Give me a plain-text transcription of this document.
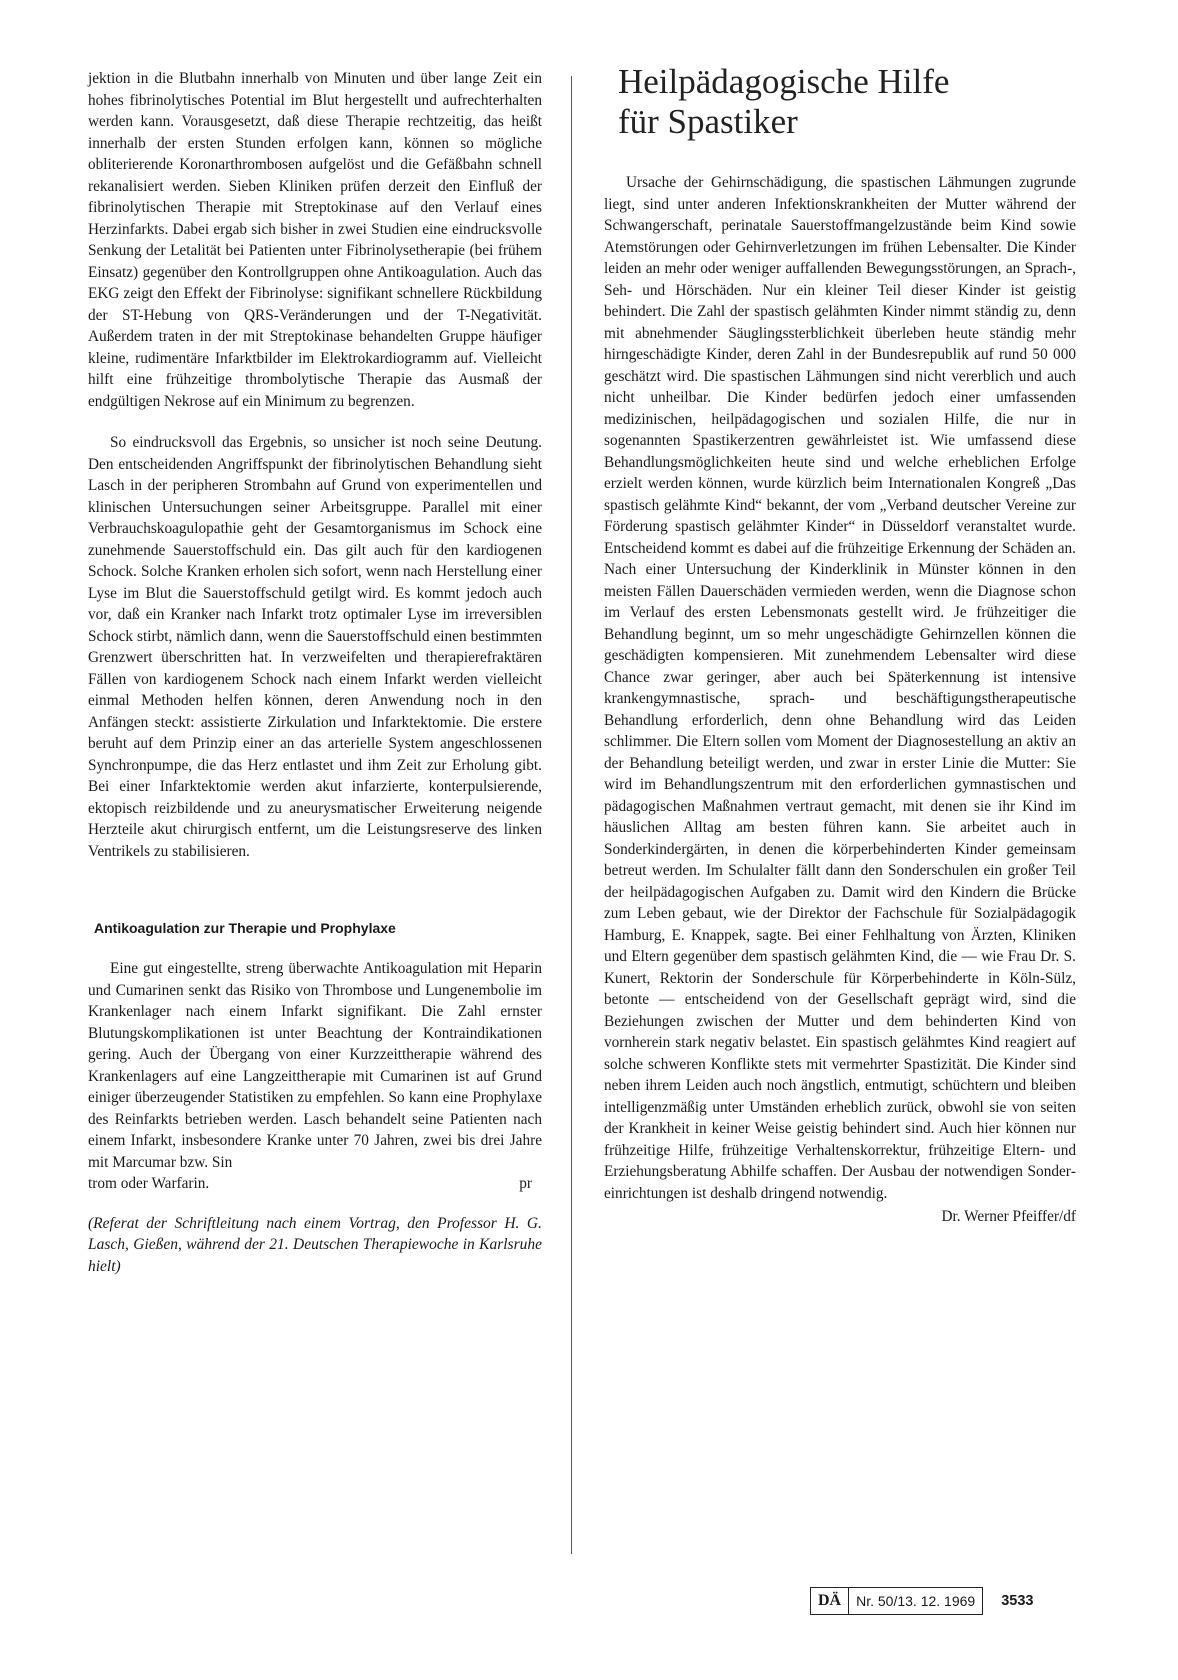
jektion in die Blutbahn innerhalb von Minuten und über lange Zeit ein hohes fibrinolytisches Potential im Blut hergestellt und aufrechterhalten werden kann. Vorausgesetzt, daß diese Therapie rechtzeitig, das heißt innerhalb der ersten Stunden erfolgen kann, können so mögliche obliterierende Koronarthrombosen aufgelöst und die Gefäßbahn schnell rekanalisiert werden. Sieben Kliniken prüfen derzeit den Einfluß der fibrinolytischen Therapie mit Streptokinase auf den Verlauf eines Herzinfarkts. Dabei ergab sich bisher in zwei Studien eine eindrucksvolle Senkung der Letalität bei Patienten unter Fibrinolysetherapie (bei frühem Einsatz) gegenüber den Kontrollgruppen ohne Antikoagulation. Auch das EKG zeigt den Effekt der Fibrinolyse: signifikant schnellere Rückbildung der ST-Hebung von QRS-Veränderungen und der T-Negativität. Außerdem traten in der mit Streptokinase behandelten Gruppe häufiger kleine, rudimentäre Infarktbilder im Elektrokardiogramm auf. Vielleicht hilft eine frühzeitige thrombolytische Therapie das Ausmaß der endgültigen Nekrose auf ein Minimum zu begrenzen.

So eindrucksvoll das Ergebnis, so unsicher ist noch seine Deutung. Den entscheidenden Angriffspunkt der fibrinolytischen Behandlung sieht Lasch in der peripheren Strombahn auf Grund von experimentellen und klinischen Untersuchungen seiner Arbeitsgruppe. Parallel mit einer Verbrauchskoagulopathie geht der Gesamtorganismus im Schock eine zunehmende Sauerstoffschuld ein. Das gilt auch für den kardiogenen Schock. Solche Kranken erholen sich sofort, wenn nach Herstellung einer Lyse im Blut die Sauerstoffschuld getilgt wird. Es kommt jedoch auch vor, daß ein Kranker nach Infarkt trotz optimaler Lyse im irreversiblen Schock stirbt, nämlich dann, wenn die Sauerstoffschuld einen bestimmten Grenzwert überschritten hat. In verzweifelten und therapierefraktären Fällen von kardiogenem Schock nach einem Infarkt werden vielleicht einmal Methoden helfen können, deren Anwendung noch in den Anfängen steckt: assistierte Zirkulation und Infarktektomie. Die erstere beruht auf dem Prinzip einer an das arterielle System angeschlossenen Synchronpumpe, die das Herz entlastet und ihm Zeit zur Erholung gibt. Bei einer Infarktektomie werden akut infarzierte, konterpulsierende, ektopisch reizbildende und zu aneurysmatischer Erweiterung neigende Herzteile akut chirurgisch entfernt, um die Leistungsreserve des linken Ventrikels zu stabilisieren.

Antikoagulation zur Therapie und Prophylaxe

Eine gut eingestellte, streng überwachte Antikoagulation mit Heparin und Cumarinen senkt das Risiko von Thrombose und Lungenembolie im Krankenlager nach einem Infarkt signifikant. Die Zahl ernster Blutungskomplikationen ist unter Beachtung der Kontraindikationen gering. Auch der Übergang von einer Kurzzeittherapie während des Krankenlagers auf eine Langzeittherapie mit Cumarinen ist auf Grund einiger überzeugender Statistiken zu empfehlen. So kann eine Prophylaxe des Reinfarkts betrieben werden. Lasch behandelt seine Patienten nach einem Infarkt, insbesondere Kranke unter 70 Jahren, zwei bis drei Jahre mit Marcumar bzw. Sin

trom oder Warfarin.	pr

(Referat der Schriftleitung nach einem Vortrag, den Professor H. G. Lasch, Gießen, während der 21. Deutschen Therapiewoche in Karlsruhe hielt)

Heilpädagogische Hilfe
für Spastiker

Ursache der Gehirnschädigung, die spastischen Lähmungen zugrunde liegt, sind unter anderen Infektionskrankheiten der Mutter während der Schwangerschaft, perinatale Sauerstoffmangelzustände beim Kind sowie Atemstörungen oder Gehirnverletzungen im frühen Lebensalter. Die Kinder leiden an mehr oder weniger auffallenden Bewegungsstörungen, an Sprach-, Seh- und Hörschäden. Nur ein kleiner Teil dieser Kinder ist geistig behindert. Die Zahl der spastisch gelähmten Kinder nimmt ständig zu, denn mit abnehmender Säuglingssterblichkeit überleben heute ständig mehr hirngeschädigte Kinder, deren Zahl in der Bundesrepublik auf rund 50 000 geschätzt wird. Die spastischen Lähmungen sind nicht vererblich und auch nicht unheilbar. Die Kinder bedürfen jedoch einer umfassenden medizinischen, heilpädagogischen und sozialen Hilfe, die nur in sogenannten Spastikerzentren gewährleistet ist. Wie umfassend diese Behandlungsmöglichkeiten heute sind und welche erheblichen Erfolge erzielt werden können, wurde kürzlich beim Internationalen Kongreß „Das spastisch gelähmte Kind“ bekannt, der vom „Verband deutscher Vereine zur Förderung spastisch gelähmter Kinder“ in Düsseldorf veranstaltet wurde. Entscheidend kommt es dabei auf die frühzeitige Erkennung der Schäden an. Nach einer Untersuchung der Kinderklinik in Münster können in den meisten Fällen Dauerschäden vermieden werden, wenn die Diagnose schon im Verlauf des ersten Lebensmonats gestellt wird. Je frühzeitiger die Behandlung beginnt, um so mehr ungeschädigte Gehirnzellen können die geschädigten kompensieren. Mit zunehmendem Lebensalter wird diese Chance zwar geringer, aber auch bei Späterkennung ist intensive krankengymnastische, sprach- und beschäftigungstherapeutische Behandlung erforderlich, denn ohne Behandlung wird das Leiden schlimmer. Die Eltern sollen vom Moment der Diagnosestellung an aktiv an der Behandlung beteiligt werden, und zwar in erster Linie die Mutter: Sie wird im Behandlungszentrum mit den erforderlichen gymnastischen und pädagogischen Maßnahmen vertraut gemacht, mit denen sie ihr Kind im häuslichen Alltag am besten führen kann. Sie arbeitet auch in Sonderkindergärten, in denen die körperbehinderten Kinder gemeinsam betreut werden. Im Schulalter fällt dann den Sonderschulen ein großer Teil der heilpädagogischen Aufgaben zu. Damit wird den Kindern die Brücke zum Leben gebaut, wie der Direktor der Fachschule für Sozialpädagogik Hamburg, E. Knappek, sagte. Bei einer Fehlhaltung von Ärzten, Kliniken und Eltern gegenüber dem spastisch gelähmten Kind, die — wie Frau Dr. S. Kunert, Rektorin der Sonderschule für Körperbehinderte in Köln-Sülz, betonte — entscheidend von der Gesellschaft geprägt wird, sind die Beziehungen zwischen der Mutter und dem behinderten Kind von vornherein stark negativ belastet. Ein spastisch gelähmtes Kind reagiert auf solche schweren Konflikte stets mit vermehrter Spastizität. Die Kinder sind neben ihrem Leiden auch noch ängstlich, entmutigt, schüchtern und bleiben intelligenzmäßig unter Umständen erheblich zurück, obwohl sie von seiten der Krankheit in keiner Weise geistig behindert sind. Auch hier können nur frühzeitige Hilfe, frühzeitige Verhaltenskorrektur, frühzeitige Eltern- und Erziehungsberatung Abhilfe schaffen. Der Ausbau der notwendigen Sondereinrichtungen ist deshalb dringend notwendig.

Dr. Werner Pfeiffer/df

DÄ	Nr. 50/13. 12. 1969	3533
